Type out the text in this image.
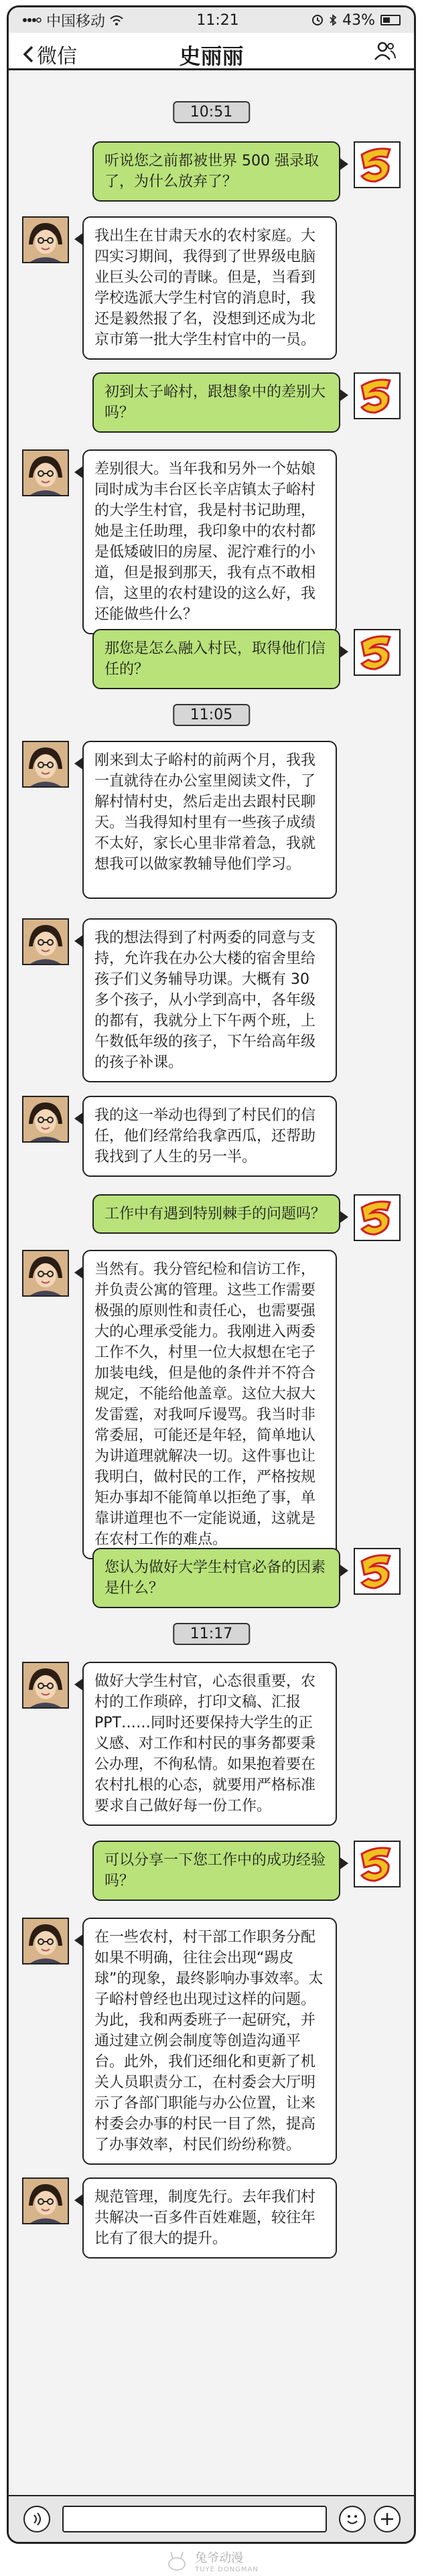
中国移动	11:21	43%
微信	史丽丽
10:51
听说您之前都被世界 500 强录取了，为什么放弃了？
我出生在甘肃天水的农村家庭。大四实习期间，我得到了世界级电脑业巨头公司的青睐。但是，当看到学校选派大学生村官的消息时，我还是毅然报了名，没想到还成为北京市第一批大学生村官中的一员。
初到太子峪村，跟想象中的差别大吗？
差别很大。当年我和另外一个姑娘同时成为丰台区长辛店镇太子峪村的大学生村官，我是村书记助理，她是主任助理，我印象中的农村都是低矮破旧的房屋、泥泞难行的小道，但是报到那天，我有点不敢相信，这里的农村建设的这么好，我还能做些什么？
那您是怎么融入村民，取得他们信任的？
11:05
刚来到太子峪村的前两个月，我我一直就待在办公室里阅读文件，了解村情村史，然后走出去跟村民聊天。当我得知村里有一些孩子成绩不太好，家长心里非常着急，我就想我可以做家教辅导他们学习。
我的想法得到了村两委的同意与支持，允许我在办公大楼的宿舍里给孩子们义务辅导功课。大概有 30 多个孩子，从小学到高中，各年级的都有，我就分上下午两个班，上午数低年级的孩子，下午给高年级的孩子补课。
我的这一举动也得到了村民们的信任，他们经常给我拿西瓜，还帮助我找到了人生的另一半。
工作中有遇到特别棘手的问题吗？
当然有。我分管纪检和信访工作，并负责公寓的管理。这些工作需要极强的原则性和责任心，也需要强大的心理承受能力。我刚进入两委工作不久，村里一位大叔想在宅子加装电线，但是他的条件并不符合规定，不能给他盖章。这位大叔大发雷霆，对我呵斥谩骂。我当时非常委屈，可能还是年轻，简单地认为讲道理就解决一切。这件事也让我明白，做村民的工作，严格按规矩办事却不能简单以拒绝了事，单靠讲道理也不一定能说通，这就是在农村工作的难点。
您认为做好大学生村官必备的因素是什么？
11:17
做好大学生村官，心态很重要，农村的工作琐碎，打印文稿、汇报 PPT……同时还要保持大学生的正义感、对工作和村民的事务都要秉公办理，不徇私情。如果抱着要在农村扎根的心态，就要用严格标准要求自己做好每一份工作。
可以分享一下您工作中的成功经验吗？
在一些农村，村干部工作职务分配如果不明确，往往会出现“踢皮球”的现象，最终影响办事效率。太子峪村曾经也出现过这样的问题。为此，我和两委班子一起研究，并通过建立例会制度等创造沟通平台。此外，我们还细化和更新了机关人员职责分工，在村委会大厅明示了各部门职能与办公位置，让来村委会办事的村民一目了然，提高了办事效率，村民们纷纷称赞。
规范管理，制度先行。去年我们村共解决一百多件百姓难题，较往年比有了很大的提升。
兔爷动漫
TUYE DONGMAN
